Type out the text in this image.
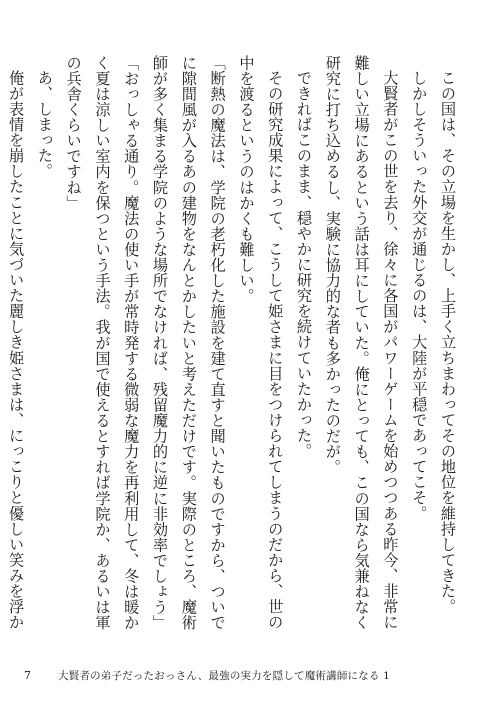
この国は、その立場を生かし、上手く立ちまわってその地位を維持してきた。

しかしそういった外交が通じるのは、大陸が平穏であってこそ。

大賢者がこの世を去り、徐々に各国がパワーゲームを始めつつある昨今、非常に難しい立場にあるという話は耳にしていた。俺にとっても、この国なら気兼ねなく研究に打ち込めるし、実験に協力的な者も多かったのだが。

できればこのまま、穏やかに研究を続けていたかった。

その研究成果によって、こうして姫さまに目をつけられてしまうのだから、世の中を渡るというのはかくも難しい。

「断熱の魔法は、学院の老朽化した施設を建て直すと聞いたものですから、ついでに隙間風が入るあの建物をなんとかしたいと考えただけです。実際のところ、魔術師が多く集まる学院のような場所でなければ、残留魔力的に逆に非効率でしょう」

「おっしゃる通り。魔法の使い手が常時発する微弱な魔力を再利用して、冬は暖かく夏は涼しい室内を保つという手法。我が国で使えるとすれば学院か、あるいは軍の兵舎くらいですね」

あ、しまった。

俺が表情を崩したことに気づいた麗しき姫さまは、にっこりと優しい笑みを浮か

7	大賢者の弟子だったおっさん、最強の実力を隠して魔術講師になる 1
